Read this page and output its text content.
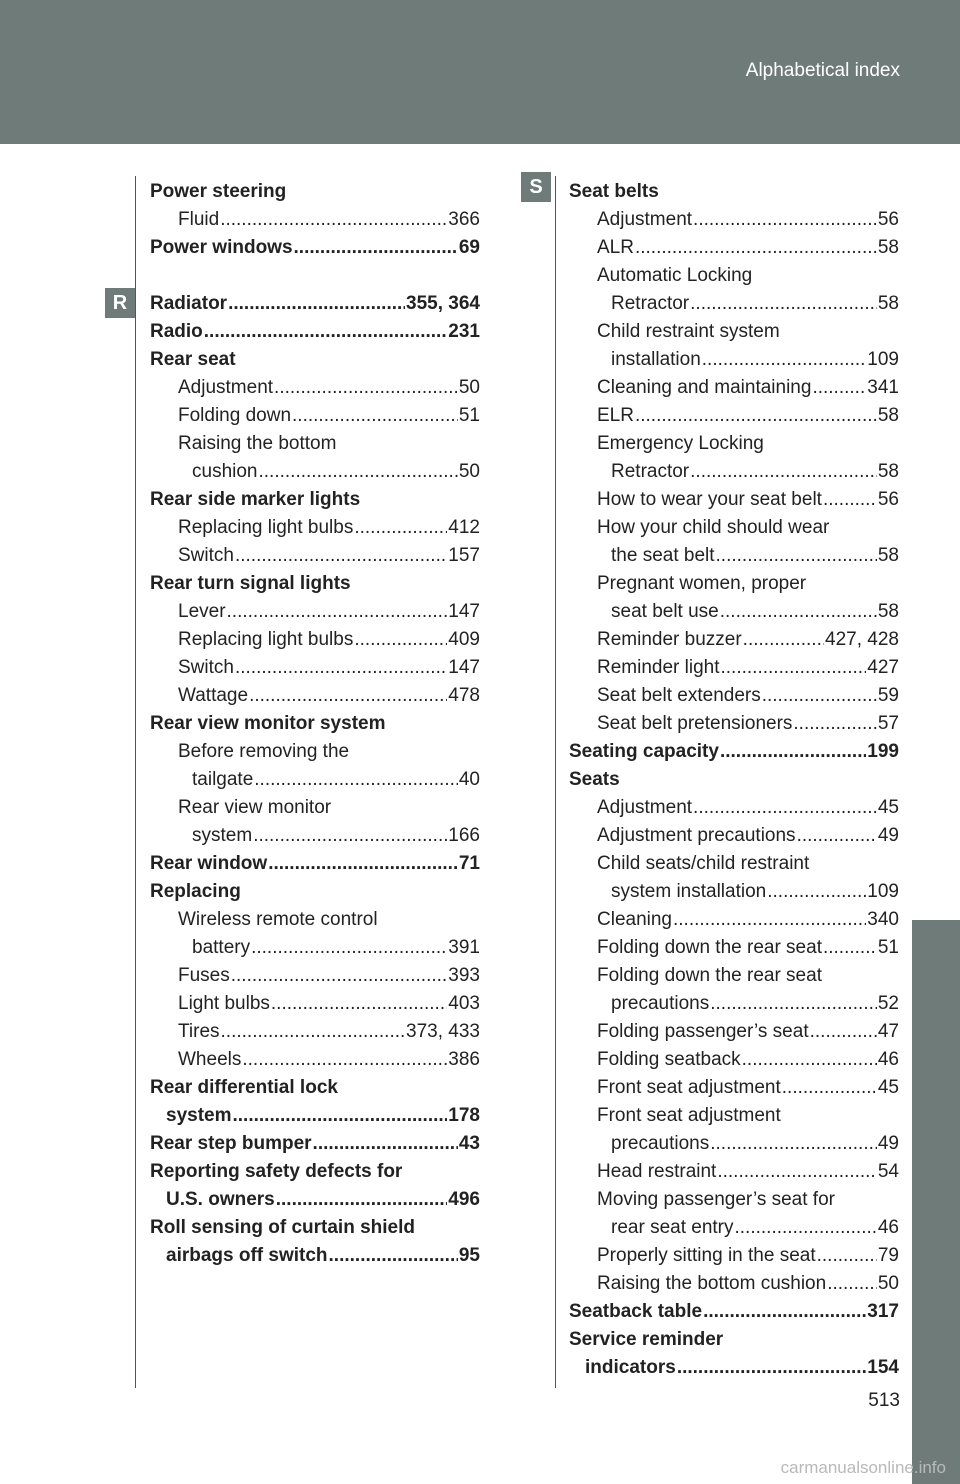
Alphabetical index
R
S
Power steering
Fluid .....	366
Power windows .....	69
Radiator .....	355, 364
Radio .....	231
Rear seat
Adjustment .....	50
Folding down .....	51
Raising the bottom
cushion .....	50
Rear side marker lights
Replacing light bulbs .....	412
Switch .....	157
Rear turn signal lights
Lever .....	147
Replacing light bulbs .....	409
Switch .....	147
Wattage .....	478
Rear view monitor system
Before removing the
tailgate .....	40
Rear view monitor
system .....	166
Rear window .....	71
Replacing
Wireless remote control
battery .....	391
Fuses .....	393
Light bulbs .....	403
Tires .....	373, 433
Wheels .....	386
Rear differential lock
system .....	178
Rear step bumper .....	43
Reporting safety defects for
U.S. owners .....	496
Roll sensing of curtain shield
airbags off switch .....	95
Seat belts
Adjustment .....	56
ALR .....	58
Automatic Locking
Retractor .....	58
Child restraint system
installation .....	109
Cleaning and maintaining .....	341
ELR .....	58
Emergency Locking
Retractor .....	58
How to wear your seat belt .....	56
How your child should wear
the seat belt .....	58
Pregnant women, proper
seat belt use .....	58
Reminder buzzer .....	427, 428
Reminder light .....	427
Seat belt extenders .....	59
Seat belt pretensioners .....	57
Seating capacity .....	199
Seats
Adjustment .....	45
Adjustment precautions .....	49
Child seats/child restraint
system installation .....	109
Cleaning .....	340
Folding down the rear seat .....	51
Folding down the rear seat
precautions .....	52
Folding passenger’s seat .....	47
Folding seatback .....	46
Front seat adjustment .....	45
Front seat adjustment
precautions .....	49
Head restraint .....	54
Moving passenger’s seat for
rear seat entry .....	46
Properly sitting in the seat .....	79
Raising the bottom cushion .....	50
Seatback table .....	317
Service reminder
indicators .....	154
513
carmanualsonline.info
